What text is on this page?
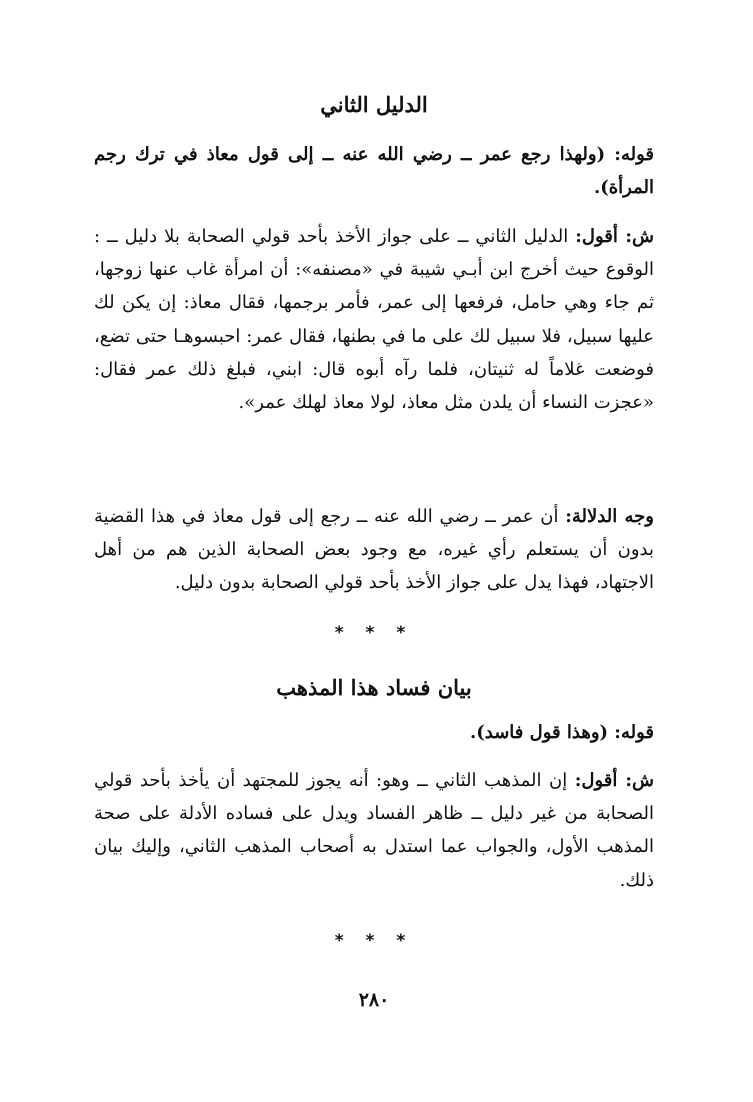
الدليل الثاني
قوله: (ولهذا رجع عمر ــ رضي الله عنه ــ إلى قول معاذ في ترك رجم المرأة).
ش: أقول: الدليل الثاني ــ على جواز الأخذ بأحد قولي الصحابة بلا دليل ــ : الوقوع حيث أخرج ابن أبـي شيبة في «مصنفه»: أن امرأة غاب عنها زوجها، ثم جاء وهي حامل، فرفعها إلى عمر، فأمر برجمها، فقال معاذ: إن يكن لك عليها سبيل، فلا سبيل لك على ما في بطنها، فقال عمر: احبسوهـا حتى تضع، فوضعت غلاماً له ثنيتان، فلما رآه أبوه قال: ابني، فبلغ ذلك عمر فقال: «عجزت النساء أن يلدن مثل معاذ، لولا معاذ لهلك عمر».
وجه الدلالة: أن عمر ــ رضي الله عنه ــ رجع إلى قول معاذ في هذا القضية بدون أن يستعلم رأي غيره، مع وجود بعض الصحابة الذين هم من أهل الاجتهاد، فهذا يدل على جواز الأخذ بأحد قولي الصحابة بدون دليل.
* * *
بيان فساد هذا المذهب
قوله: (وهذا قول فاسد).
ش: أقول: إن المذهب الثاني ــ وهو: أنه يجوز للمجتهد أن يأخذ بأحد قولي الصحابة من غير دليل ــ ظاهر الفساد ويدل على فساده الأدلة على صحة المذهب الأول، والجواب عما استدل به أصحاب المذهب الثاني، وإليك بيان ذلك.
* * *
٢٨٠
